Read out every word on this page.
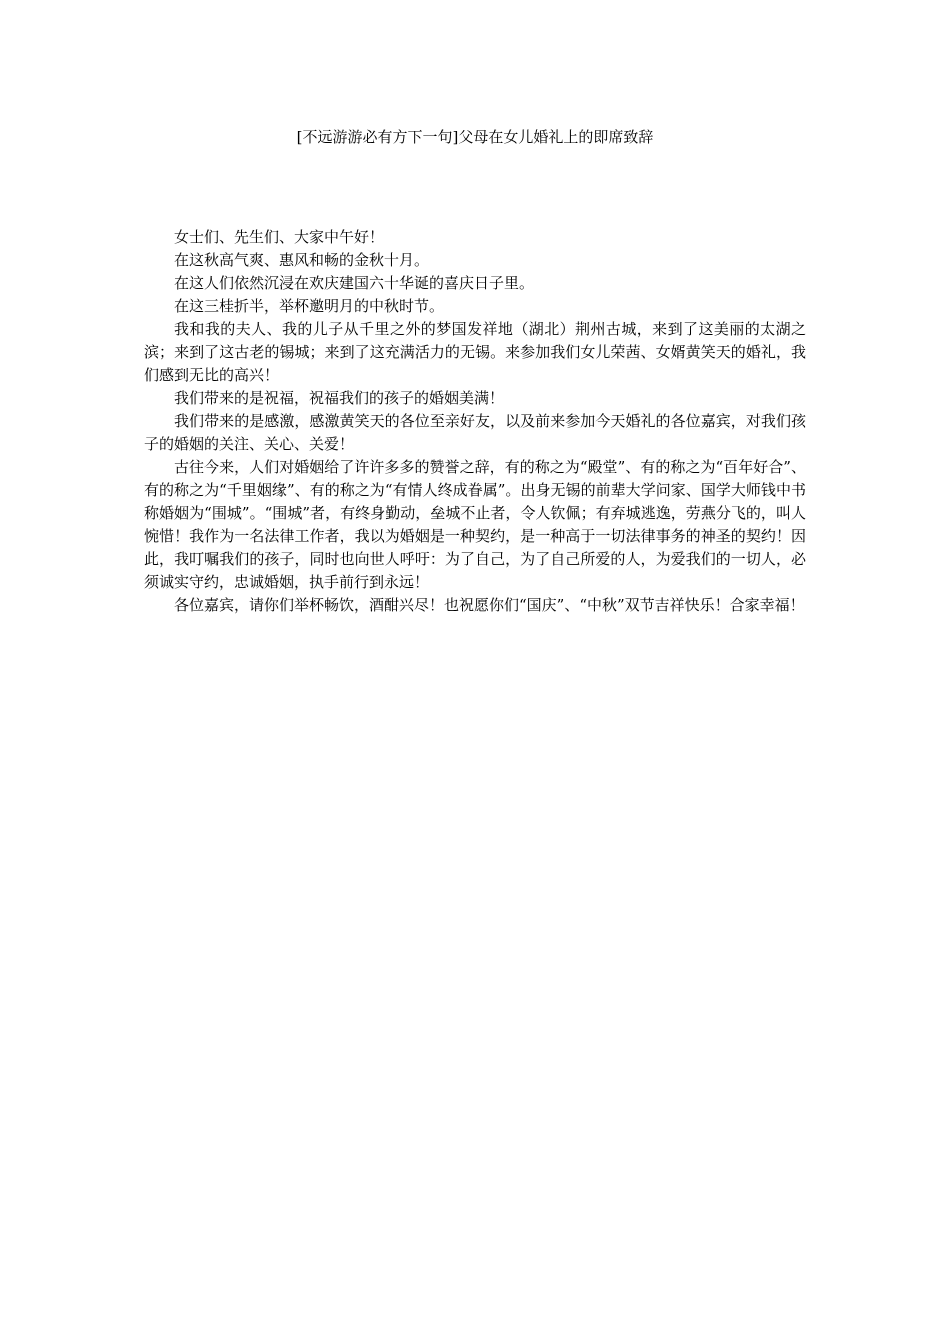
[不远游游必有方下一句]父母在女儿婚礼上的即席致辞

女士们、先生们、大家中午好！

在这秋高气爽、惠风和畅的金秋十月。

在这人们依然沉浸在欢庆建国六十华诞的喜庆日子里。

在这三桂折半，举杯邀明月的中秋时节。

我和我的夫人、我的儿子从千里之外的梦国发祥地（湖北）荆州古城，来到了这美丽的太湖之滨；来到了这古老的锡城；来到了这充满活力的无锡。来参加我们女儿荣茜、女婿黄笑天的婚礼，我们感到无比的高兴！

我们带来的是祝福，祝福我们的孩子的婚姻美满！

我们带来的是感激，感激黄笑天的各位至亲好友，以及前来参加今天婚礼的各位嘉宾，对我们孩子的婚姻的关注、关心、关爱！

古往今来，人们对婚姻给了许许多多的赞誉之辞，有的称之为“殿堂”、有的称之为“百年好合”、有的称之为“千里姻缘”、有的称之为“有情人终成眷属”。出身无锡的前辈大学问家、国学大师钱中书称婚姻为“围城”。“围城”者，有终身勤动，垒城不止者，令人钦佩；有弃城逃逸，劳燕分飞的，叫人惋惜！我作为一名法律工作者，我以为婚姻是一种契约，是一种高于一切法律事务的神圣的契约！因此，我叮嘱我们的孩子，同时也向世人呼吁：为了自己，为了自己所爱的人，为爱我们的一切人，必须诚实守约，忠诚婚姻，执手前行到永远！

各位嘉宾，请你们举杯畅饮，酒酣兴尽！也祝愿你们“国庆”、“中秋”双节吉祥快乐！合家幸福！
